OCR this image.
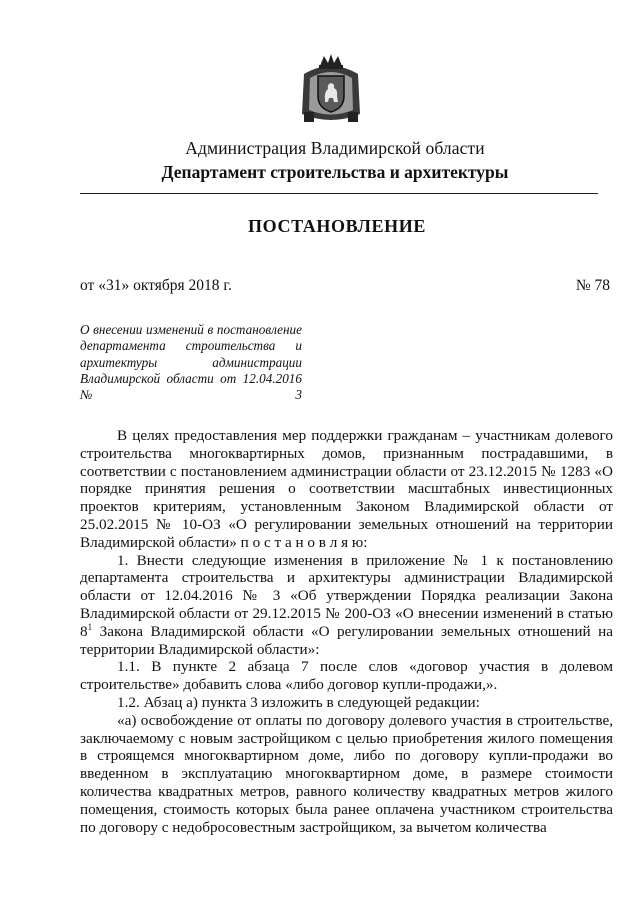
Администрация Владимирской области
Департамент строительства и архитектуры
ПОСТАНОВЛЕНИЕ
от «31» октября 2018 г.	№ 78
О внесении изменений в постановление департамента строительства и архитектуры администрации Владимирской области от 12.04.2016 № 3

В целях предоставления мер поддержки гражданам – участникам долевого строительства многоквартирных домов, признанным пострадавшими, в соответствии с постановлением администрации области от 23.12.2015 № 1283 «О порядке принятия решения о соответствии масштабных инвестиционных проектов критериям, установленным Законом Владимирской области от 25.02.2015 № 10-ОЗ «О регулировании земельных отношений на территории Владимирской области» п о с т а н о в л я ю:

1. Внести следующие изменения в приложение № 1 к постановлению департамента строительства и архитектуры администрации Владимирской области от 12.04.2016 № 3 «Об утверждении Порядка реализации Закона Владимирской области от 29.12.2015 № 200-ОЗ «О внесении изменений в статью $8^1$ Закона Владимирской области «О регулировании земельных отношений на территории Владимирской области»:

1.1. В пункте 2 абзаца 7 после слов «договор участия в долевом строительстве» добавить слова «либо договор купли-продажи,».

1.2. Абзац а) пункта 3 изложить в следующей редакции:

«а) освобождение от оплаты по договору долевого участия в строительстве, заключаемому с новым застройщиком с целью приобретения жилого помещения в строящемся многоквартирном доме, либо по договору купли-продажи во введенном в эксплуатацию многоквартирном доме, в размере стоимости количества квадратных метров, равного количеству квадратных метров жилого помещения, стоимость которых была ранее оплачена участником строительства по договору с недобросовестным застройщиком, за вычетом количества
